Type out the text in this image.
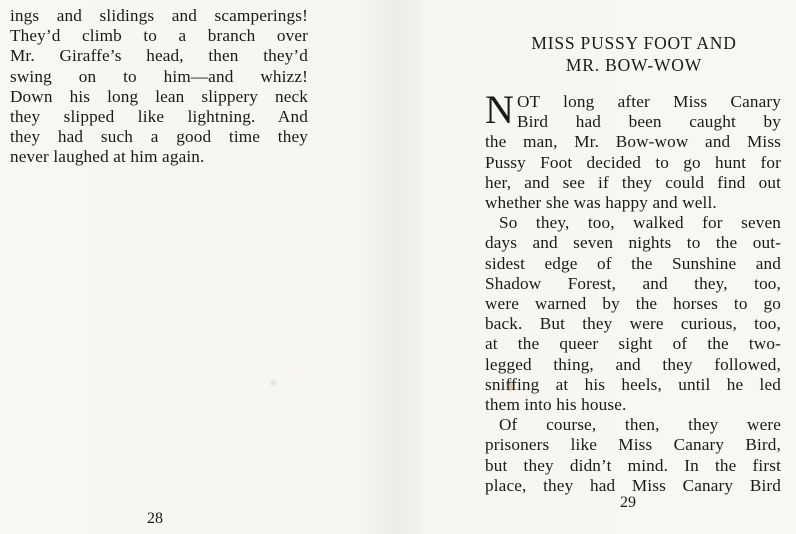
ings and slidings and scamperings!
They’d climb to a branch over
Mr. Giraffe’s head, then they’d
swing on to him—and whizz!
Down his long lean slippery neck
they slipped like lightning. And
they had such a good time they
never laughed at him again.
28
MISS PUSSY FOOT AND
MR. BOW-WOW
N OT long after Miss Canary
Bird had been caught by
the man, Mr. Bow-wow and Miss
Pussy Foot decided to go hunt for
her, and see if they could find out
whether she was happy and well.
So they, too, walked for seven
days and seven nights to the out-
sidest edge of the Sunshine and
Shadow Forest, and they, too,
were warned by the horses to go
back. But they were curious, too,
at the queer sight of the two-
legged thing, and they followed,
sniffing at his heels, until he led
them into his house.
Of course, then, they were
prisoners like Miss Canary Bird,
but they didn’t mind. In the first
place, they had Miss Canary Bird
29
